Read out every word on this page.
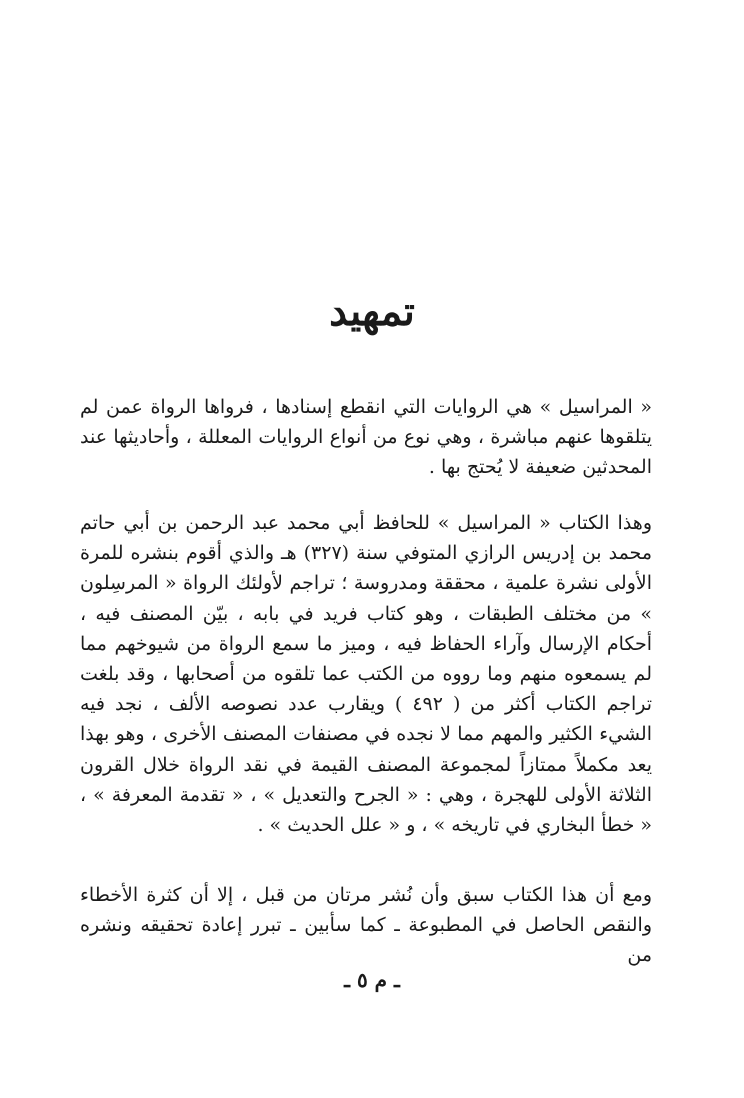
تمهيد

« المراسيل » هي الروايات التي انقطع إسنادها ، فرواها الرواة عمن لم يتلقوها عنهم مباشرة ، وهي نوع من أنواع الروايات المعللة ، وأحاديثها عند المحدثين ضعيفة لا يُحتج بها .

وهذا الكتاب « المراسيل » للحافظ أبي محمد عبد الرحمن بن أبي حاتم محمد بن إدريس الرازي المتوفي سنة (٣٢٧) هـ والذي أقوم بنشره للمرة الأولى نشرة علمية ، محققة ومدروسة ؛ تراجم لأولئك الرواة « المرسِلون » من مختلف الطبقات ، وهو كتاب فريد في بابه ، بيّن المصنف فيه ، أحكام الإرسال وآراء الحفاظ فيه ، وميز ما سمع الرواة من شيوخهم مما لم يسمعوه منهم وما رووه من الكتب عما تلقوه من أصحابها ، وقد بلغت تراجم الكتاب أكثر من ( ٤٩٢ ) ويقارب عدد نصوصه الألف ، نجد فيه الشيء الكثير والمهم مما لا نجده في مصنفات المصنف الأخرى ، وهو بهذا يعد مكملاً ممتازاً لمجموعة المصنف القيمة في نقد الرواة خلال القرون الثلاثة الأولى للهجرة ، وهي : « الجرح والتعديل » ، « تقدمة المعرفة » ، « خطأ البخاري في تاريخه » ، و « علل الحديث » .

ومع أن هذا الكتاب سبق وأن نُشر مرتان من قبل ، إلا أن كثرة الأخطاء والنقص الحاصل في المطبوعة ـ كما سأبين ـ تبرر إعادة تحقيقه ونشره من

ـ م ٥ ـ
